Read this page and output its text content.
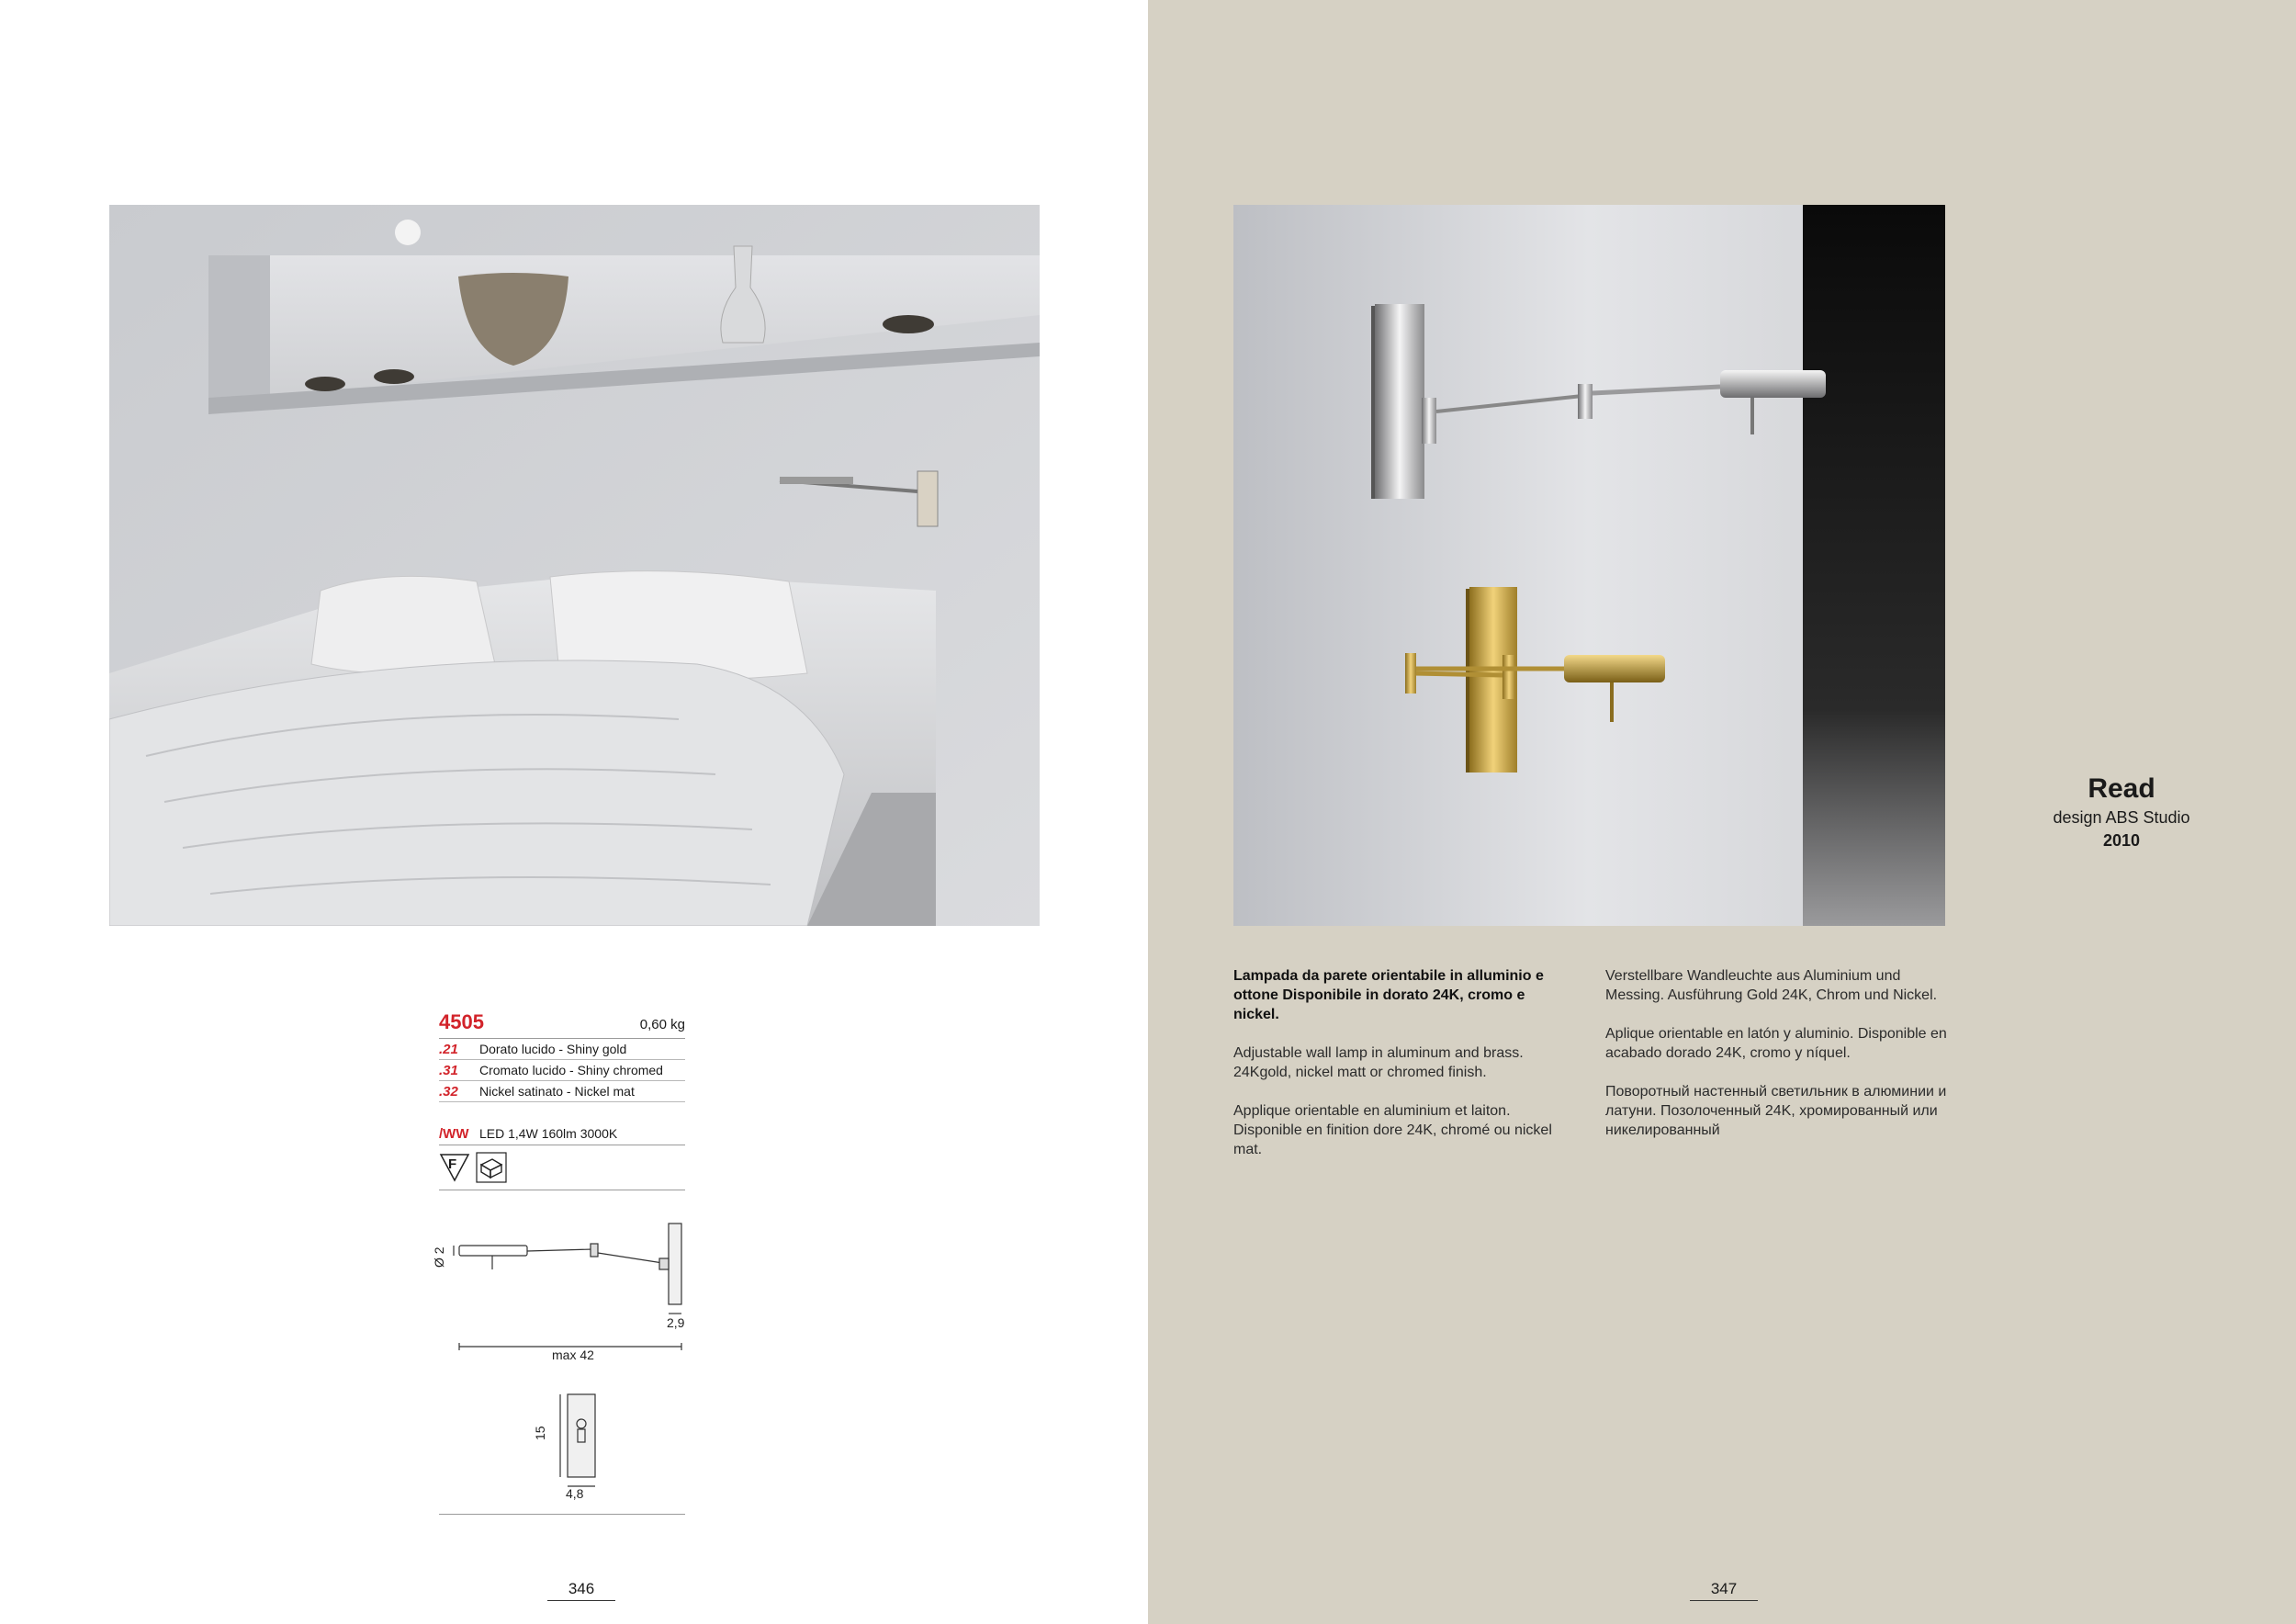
4505	0,60 kg
.21	Dorato lucido - Shiny gold
.31	Cromato lucido - Shiny chromed
.32	Nickel satinato - Nickel mat
/WW LED 1,4W 160lm 3000K
F
Ø 2
2,9
max 42
15
4,8
346
Read
design ABS Studio
2010

Lampada da parete orientabile in alluminio e ottone Disponibile in dorato 24K, cromo e nickel.

Adjustable wall lamp in aluminum and brass. 24Kgold, nickel matt or chromed finish.

Applique orientable en aluminium et laiton. Disponible en finition dore 24K, chromé ou nickel mat.

Verstellbare Wandleuchte aus Aluminium und Messing. Ausführung Gold 24K, Chrom und Nickel.

Aplique orientable en latón y aluminio. Disponible en acabado dorado 24K, cromo y níquel.

Поворотный настенный светильник в алюминии и латуни. Позолоченный 24K, хромированный или никелированный

347
